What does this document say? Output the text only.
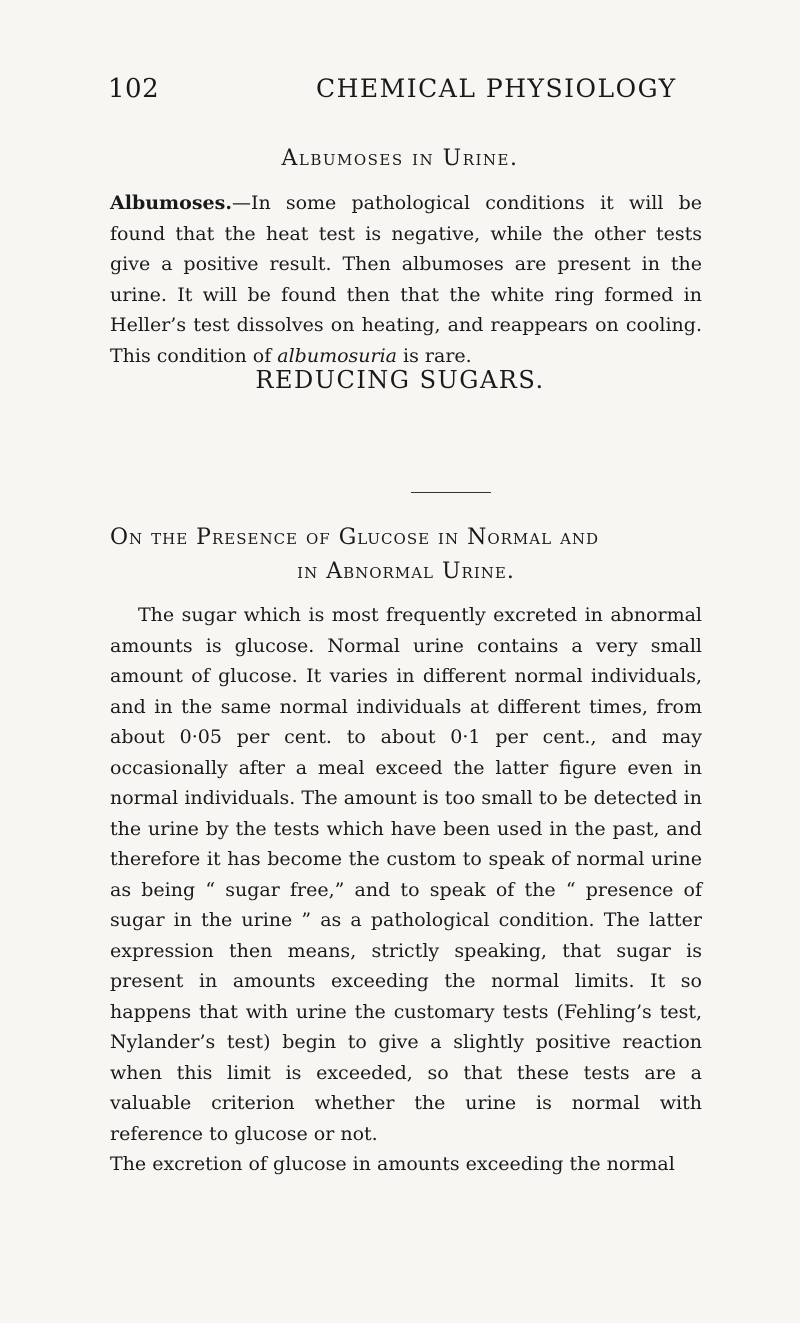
102	CHEMICAL PHYSIOLOGY
Albumoses in Urine.

Albumoses.—In some pathological conditions it will be found that the heat test is negative, while the other tests give a positive result. Then albumoses are present in the urine. It will be found then that the white ring formed in Heller’s test dissolves on heating, and reappears on cooling. This condition of albumosuria is rare.

REDUCING SUGARS.
On the Presence of Glucose in Normal and
in Abnormal Urine.

The sugar which is most frequently excreted in abnormal amounts is glucose. Normal urine contains a very small amount of glucose. It varies in different normal individuals, and in the same normal individuals at different times, from about 0·05 per cent. to about 0·1 per cent., and may occasionally after a meal exceed the latter figure even in normal individuals. The amount is too small to be detected in the urine by the tests which have been used in the past, and therefore it has become the custom to speak of normal urine as being “ sugar free,” and to speak of the “ presence of sugar in the urine ” as a pathological condition. The latter expression then means, strictly speaking, that sugar is present in amounts exceeding the normal limits. It so happens that with urine the customary tests (Fehling’s test, Nylander’s test) begin to give a slightly positive reaction when this limit is exceeded, so that these tests are a valuable criterion whether the urine is normal with reference to glucose or not.
The excretion of glucose in amounts exceeding the normal
